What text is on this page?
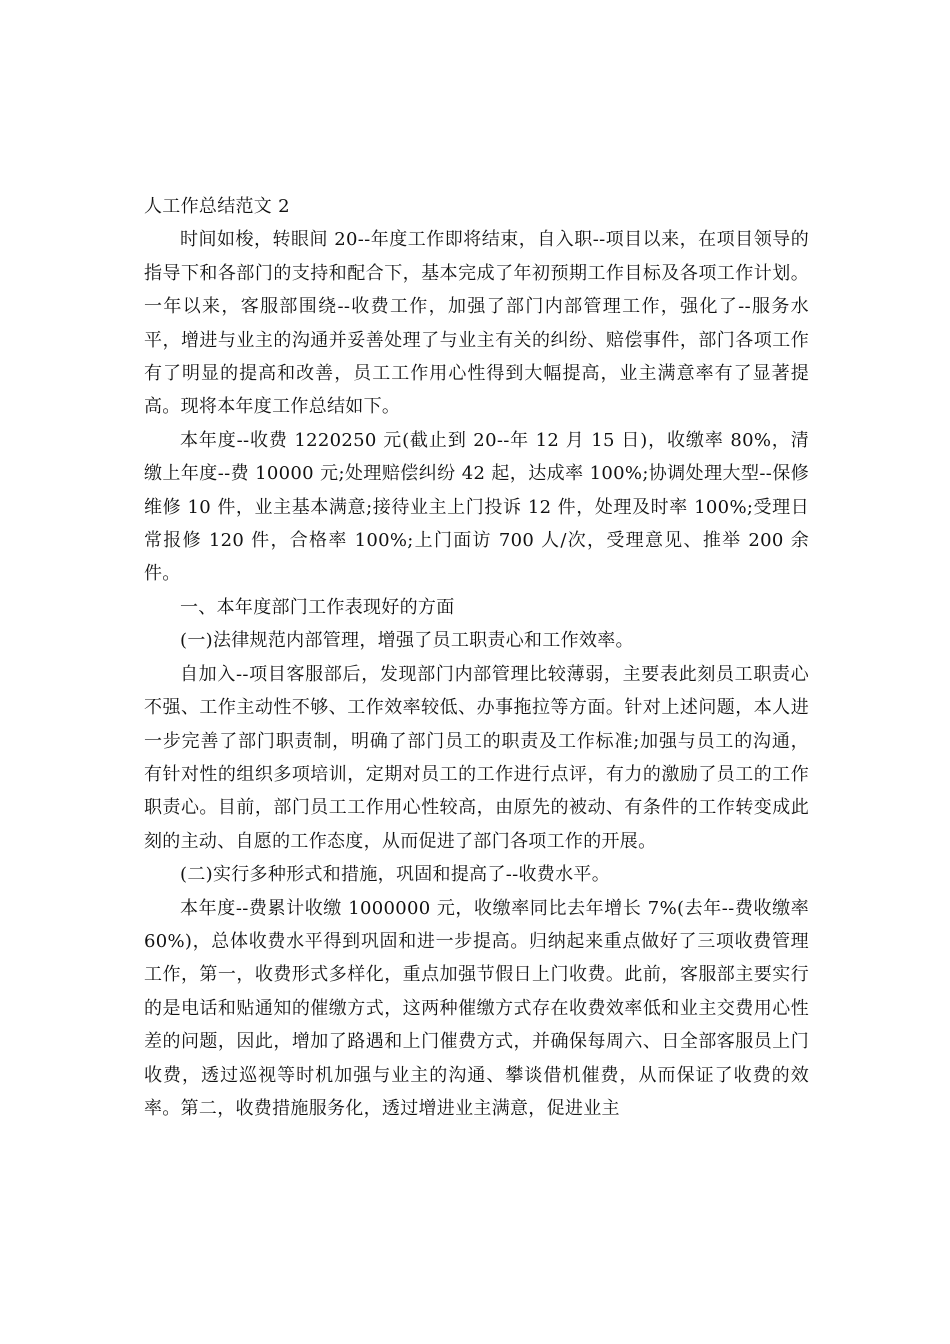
人工作总结范文 2

时间如梭，转眼间 20--年度工作即将结束，自入职--项目以来，在项目领导的指导下和各部门的支持和配合下，基本完成了年初预期工作目标及各项工作计划。一年以来，客服部围绕--收费工作，加强了部门内部管理工作，强化了--服务水平，增进与业主的沟通并妥善处理了与业主有关的纠纷、赔偿事件，部门各项工作有了明显的提高和改善，员工工作用心性得到大幅提高，业主满意率有了显著提高。现将本年度工作总结如下。

本年度--收费 1220250 元(截止到 20--年 12 月 15 日)，收缴率 80%，清缴上年度--费 10000 元;处理赔偿纠纷 42 起，达成率 100%;协调处理大型--保修维修 10 件，业主基本满意;接待业主上门投诉 12 件，处理及时率 100%;受理日常报修 120 件，合格率 100%;上门面访 700 人/次，受理意见、推举 200 余件。

一、本年度部门工作表现好的方面

(一)法律规范内部管理，增强了员工职责心和工作效率。

自加入--项目客服部后，发现部门内部管理比较薄弱，主要表此刻员工职责心不强、工作主动性不够、工作效率较低、办事拖拉等方面。针对上述问题，本人进一步完善了部门职责制，明确了部门员工的职责及工作标准;加强与员工的沟通，有针对性的组织多项培训，定期对员工的工作进行点评，有力的激励了员工的工作职责心。目前，部门员工工作用心性较高，由原先的被动、有条件的工作转变成此刻的主动、自愿的工作态度，从而促进了部门各项工作的开展。

(二)实行多种形式和措施，巩固和提高了--收费水平。

本年度--费累计收缴 1000000 元，收缴率同比去年增长 7%(去年--费收缴率 60%)，总体收费水平得到巩固和进一步提高。归纳起来重点做好了三项收费管理工作，第一，收费形式多样化，重点加强节假日上门收费。此前，客服部主要实行的是电话和贴通知的催缴方式，这两种催缴方式存在收费效率低和业主交费用心性差的问题，因此，增加了路遇和上门催费方式，并确保每周六、日全部客服员上门收费，透过巡视等时机加强与业主的沟通、攀谈借机催费，从而保证了收费的效率。第二，收费措施服务化，透过增进业主满意，促进业主
